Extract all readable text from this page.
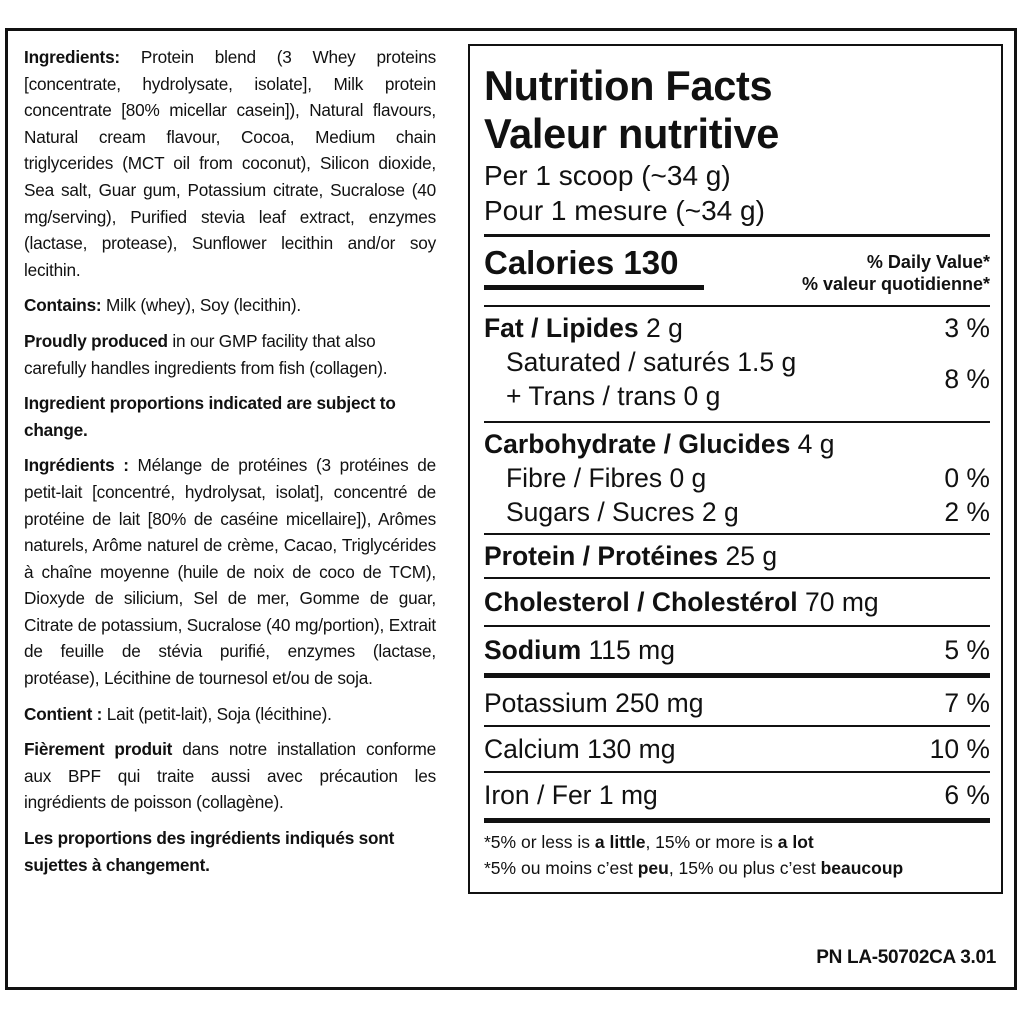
Ingredients: Protein blend (3 Whey proteins [concentrate, hydrolysate, isolate], Milk protein concentrate [80% micellar casein]), Natural flavours, Natural cream flavour, Cocoa, Medium chain triglycerides (MCT oil from coconut), Silicon dioxide, Sea salt, Guar gum, Potassium citrate, Sucralose (40 mg/serving), Purified stevia leaf extract, enzymes (lactase, protease), Sunflower lecithin and/or soy lecithin.

Contains: Milk (whey), Soy (lecithin).

Proudly produced in our GMP facility that also carefully handles ingredients from fish (collagen).

Ingredient proportions indicated are subject to change.

Ingrédients : Mélange de protéines (3 protéines de petit-lait [concentré, hydrolysat, isolat], concentré de protéine de lait [80% de caséine micellaire]), Arômes naturels, Arôme naturel de crème, Cacao, Triglycérides à chaîne moyenne (huile de noix de coco de TCM), Dioxyde de silicium, Sel de mer, Gomme de guar, Citrate de potassium, Sucralose (40 mg/portion), Extrait de feuille de stévia purifié, enzymes (lactase, protéase), Lécithine de tournesol et/ou de soja.

Contient : Lait (petit-lait), Soja (lécithine).

Fièrement produit dans notre installation conforme aux BPF qui traite aussi avec précaution les ingrédients de poisson (collagène).

Les proportions des ingrédients indiqués sont sujettes à changement.

Nutrition Facts
Valeur nutritive
Per 1 scoop (~34 g)
Pour 1 mesure (~34 g)
Calories 130	% Daily Value*
% valeur quotidienne*
Fat / Lipides 2 g	3 %
Saturated / saturés 1.5 g
+ Trans / trans 0 g
8 %
Carbohydrate / Glucides 4 g
Fibre / Fibres 0 g	0 %
Sugars / Sucres 2 g	2 %
Protein / Protéines 25 g
Cholesterol / Cholestérol 70 mg
Sodium 115 mg	5 %
Potassium 250 mg	7 %
Calcium 130 mg	10 %
Iron / Fer 1 mg	6 %
*5% or less is a little, 15% or more is a lot
*5% ou moins c’est peu, 15% ou plus c’est beaucoup
PN LA-50702CA 3.01
